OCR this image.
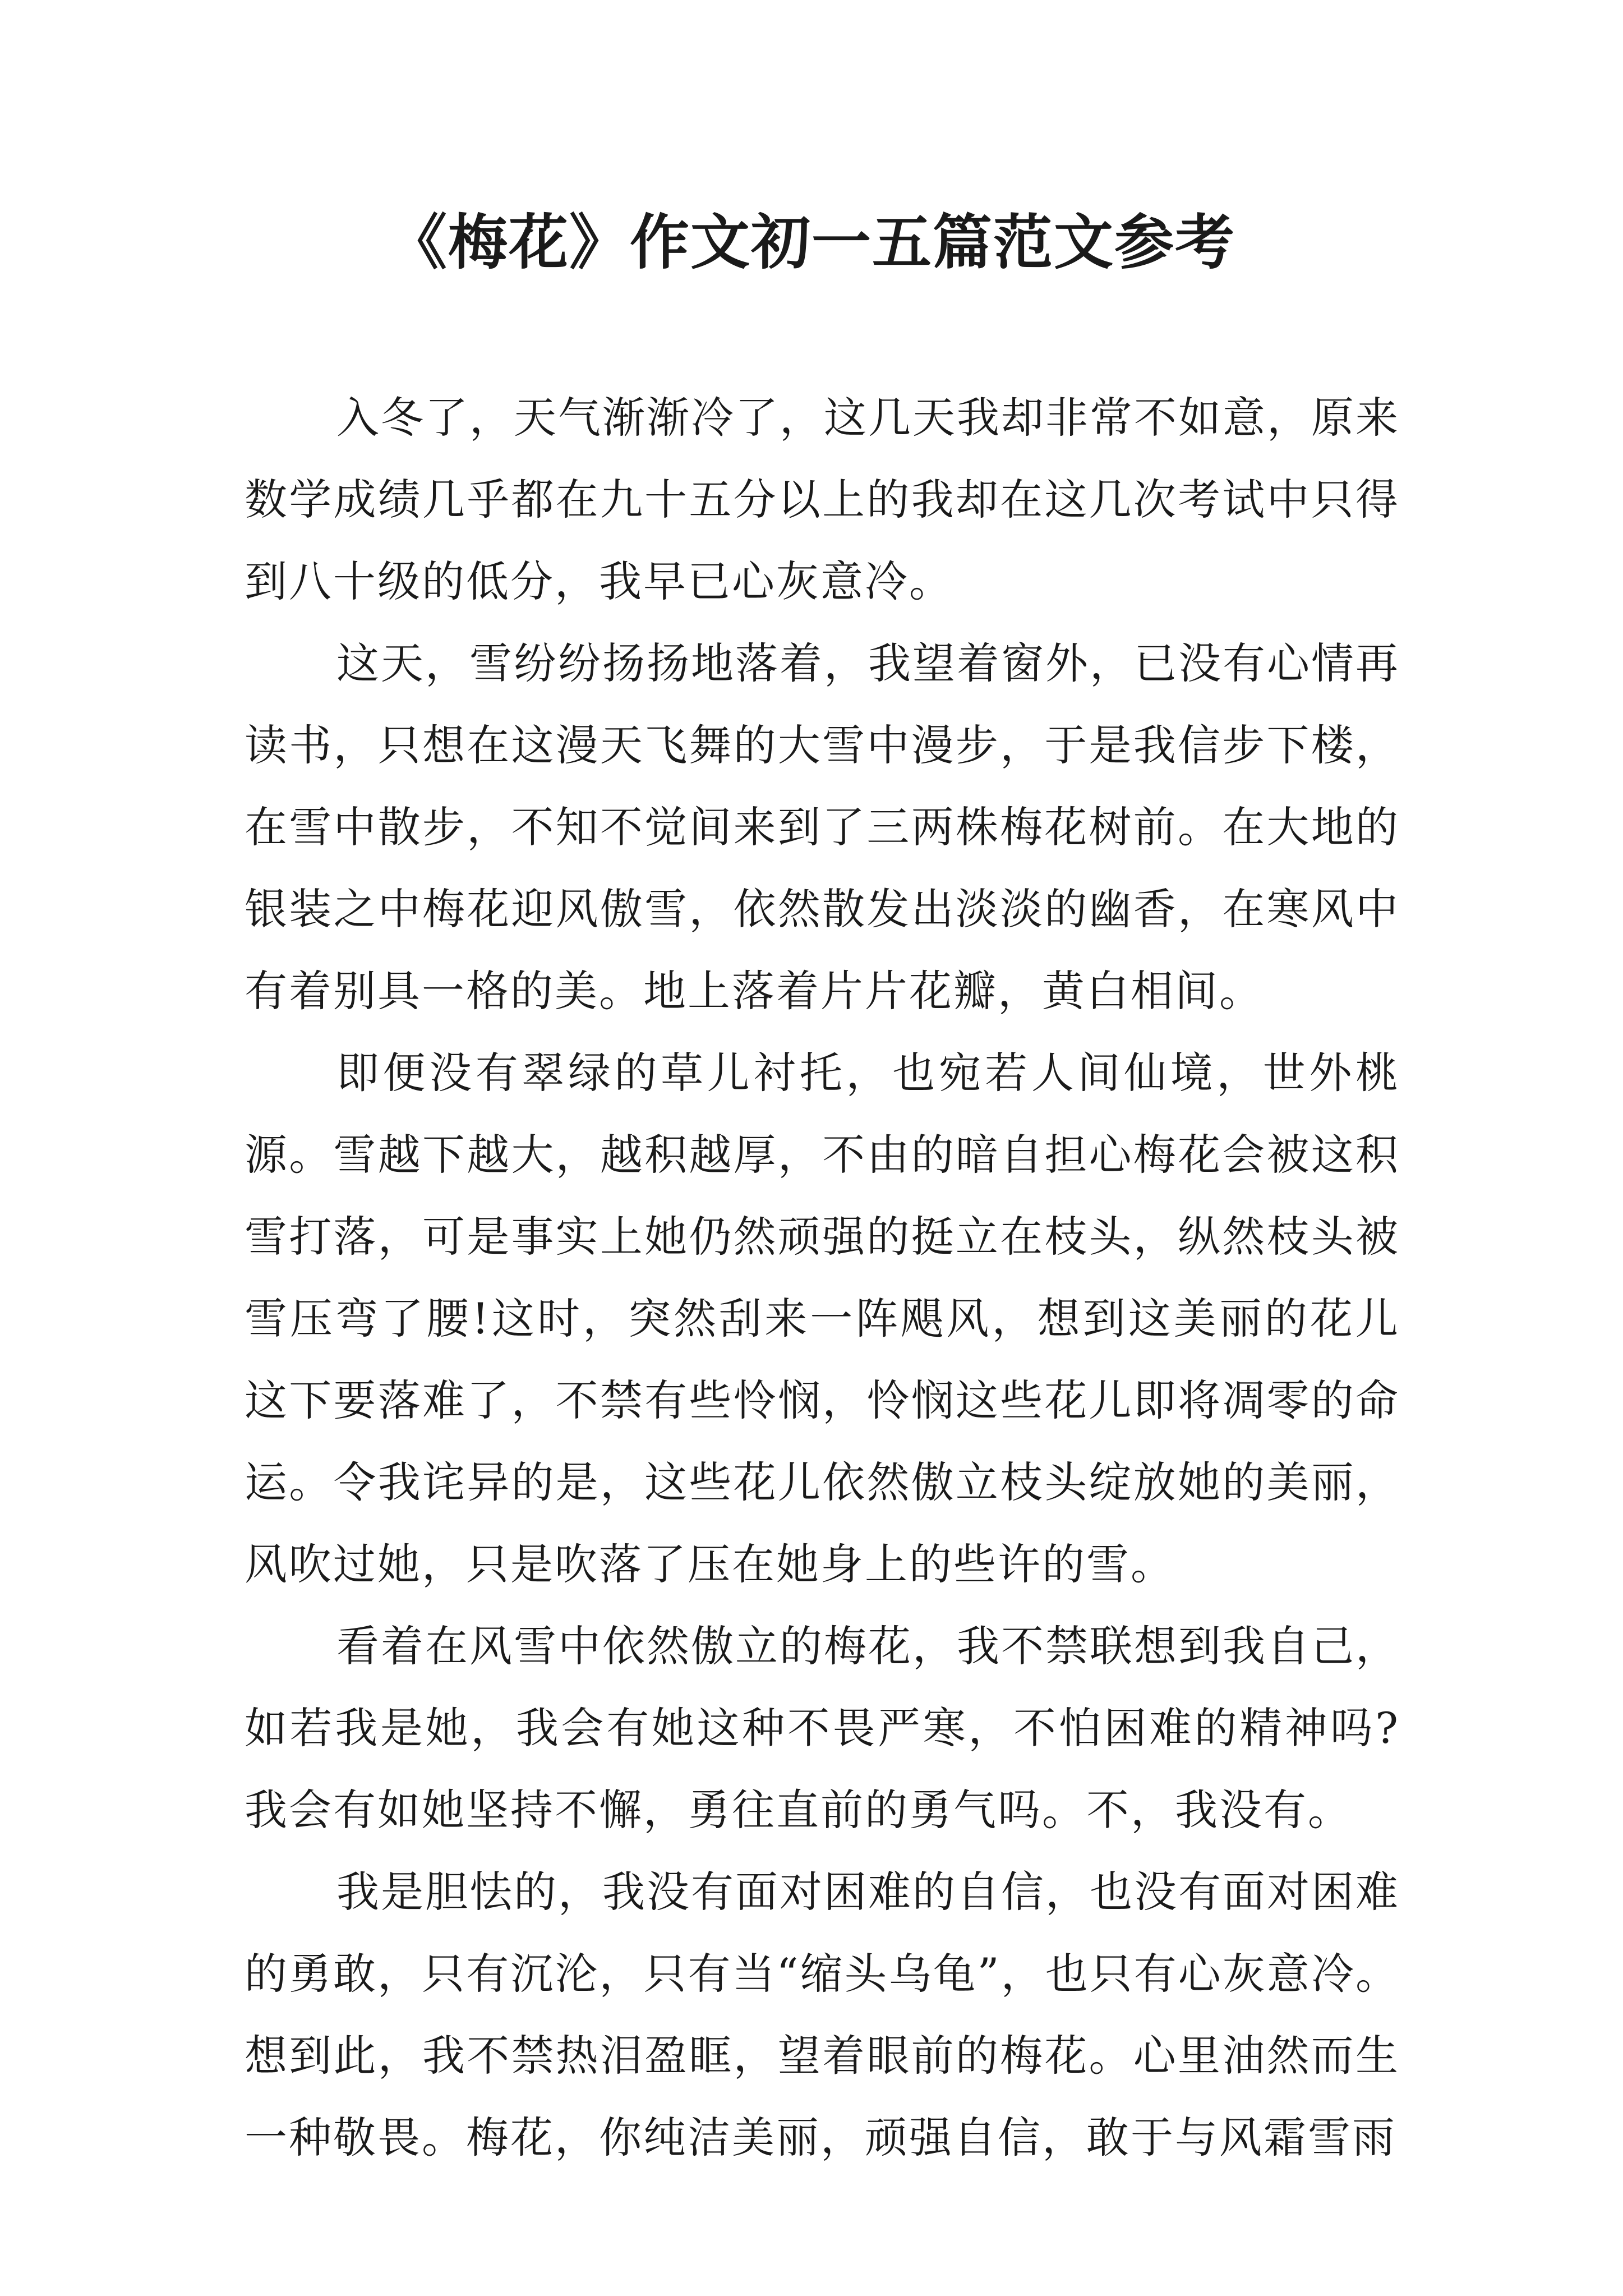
《梅花》作文初一五篇范文参考

入冬了，天气渐渐冷了，这几天我却非常不如意，原来数学成绩几乎都在九十五分以上的我却在这几次考试中只得到八十级的低分，我早已心灰意冷。

这天，雪纷纷扬扬地落着，我望着窗外，已没有心情再读书，只想在这漫天飞舞的大雪中漫步，于是我信步下楼，在雪中散步，不知不觉间来到了三两株梅花树前。在大地的银装之中梅花迎风傲雪，依然散发出淡淡的幽香，在寒风中有着别具一格的美。地上落着片片花瓣，黄白相间。

即便没有翠绿的草儿衬托，也宛若人间仙境，世外桃源。雪越下越大，越积越厚，不由的暗自担心梅花会被这积雪打落，可是事实上她仍然顽强的挺立在枝头，纵然枝头被雪压弯了腰!这时，突然刮来一阵飓风，想到这美丽的花儿这下要落难了，不禁有些怜悯，怜悯这些花儿即将凋零的命运。令我诧异的是，这些花儿依然傲立枝头绽放她的美丽，风吹过她，只是吹落了压在她身上的些许的雪。

看着在风雪中依然傲立的梅花，我不禁联想到我自己，如若我是她，我会有她这种不畏严寒，不怕困难的精神吗?我会有如她坚持不懈，勇往直前的勇气吗。不，我没有。

我是胆怯的，我没有面对困难的自信，也没有面对困难的勇敢，只有沉沦，只有当“缩头乌龟”，也只有心灰意冷。想到此，我不禁热泪盈眶，望着眼前的梅花。心里油然而生一种敬畏。梅花，你纯洁美丽，顽强自信，敢于与风霜雪雨
